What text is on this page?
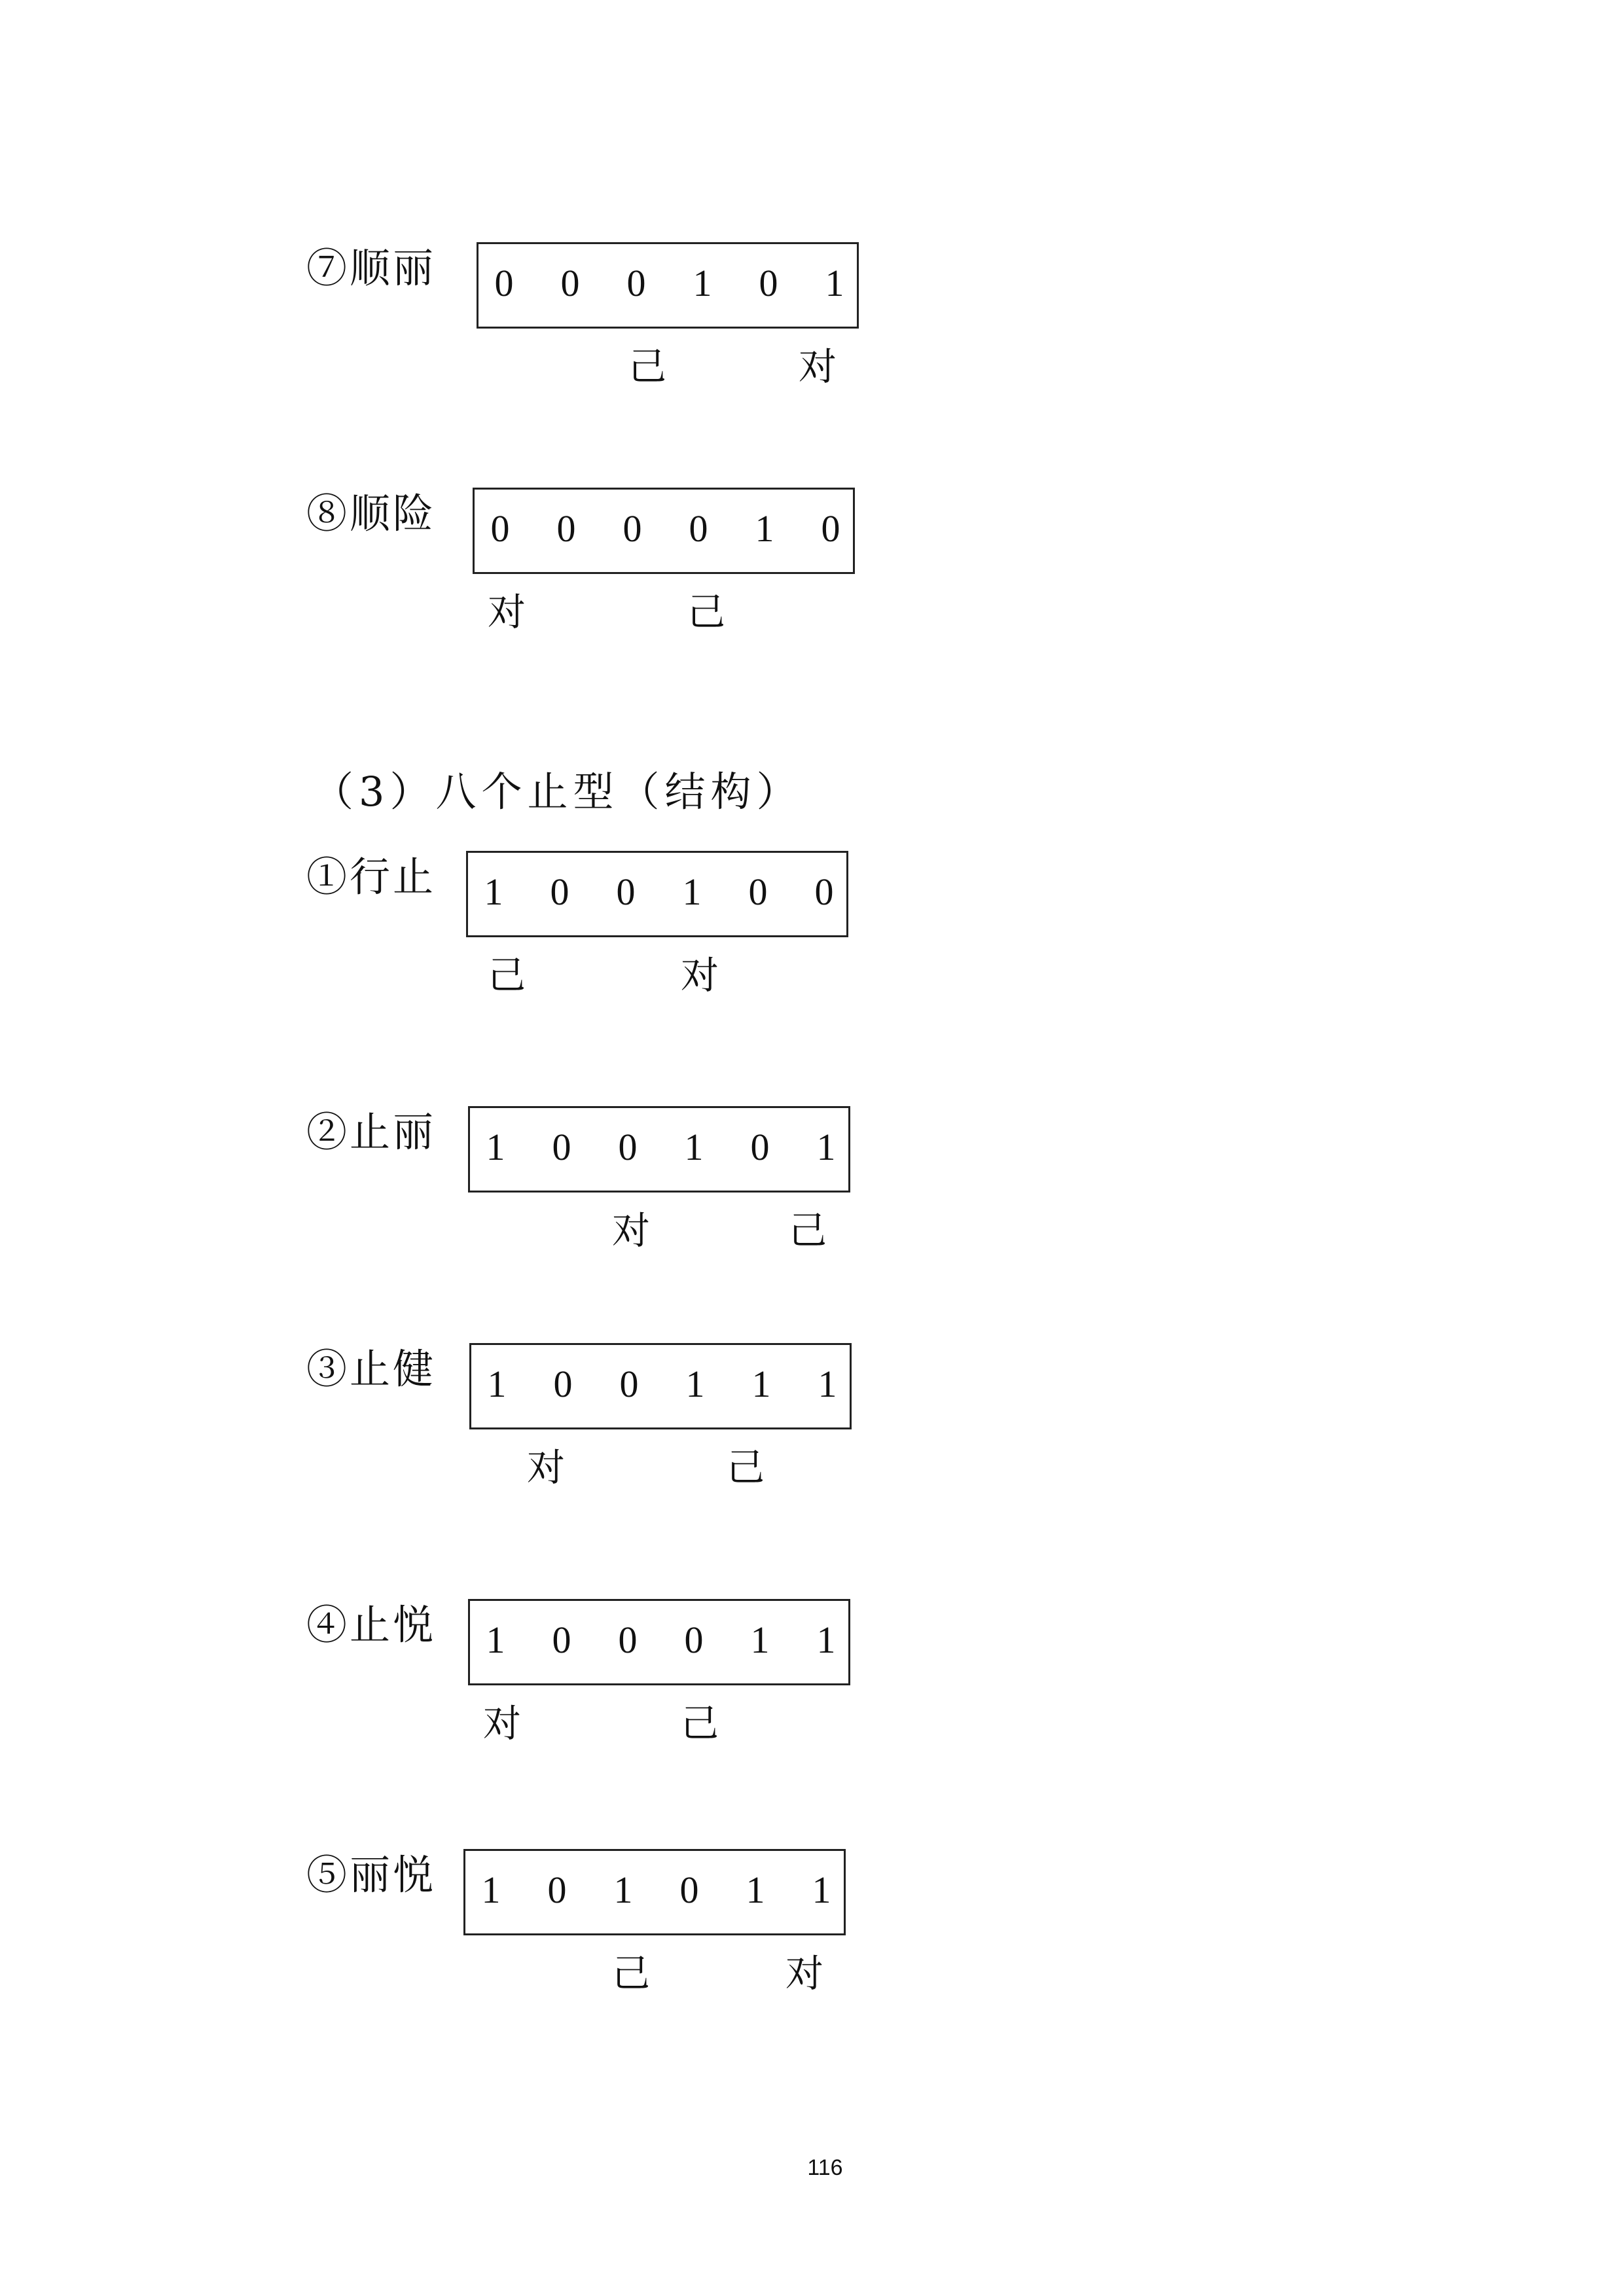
⑦顺丽 0 0 0 1 0 1
己	对
⑧顺险 0 0 0 0 1 0
对	己
（3）八个止型（结构）
①行止 1 0 0 1 0 0
己	对
②止丽 1 0 0 1 0 1
对	己
③止健 1 0 0 1 1 1
对	己
④止悦 1 0 0 0 1 1
对	己
⑤丽悦 1 0 1 0 1 1
己	对
116
